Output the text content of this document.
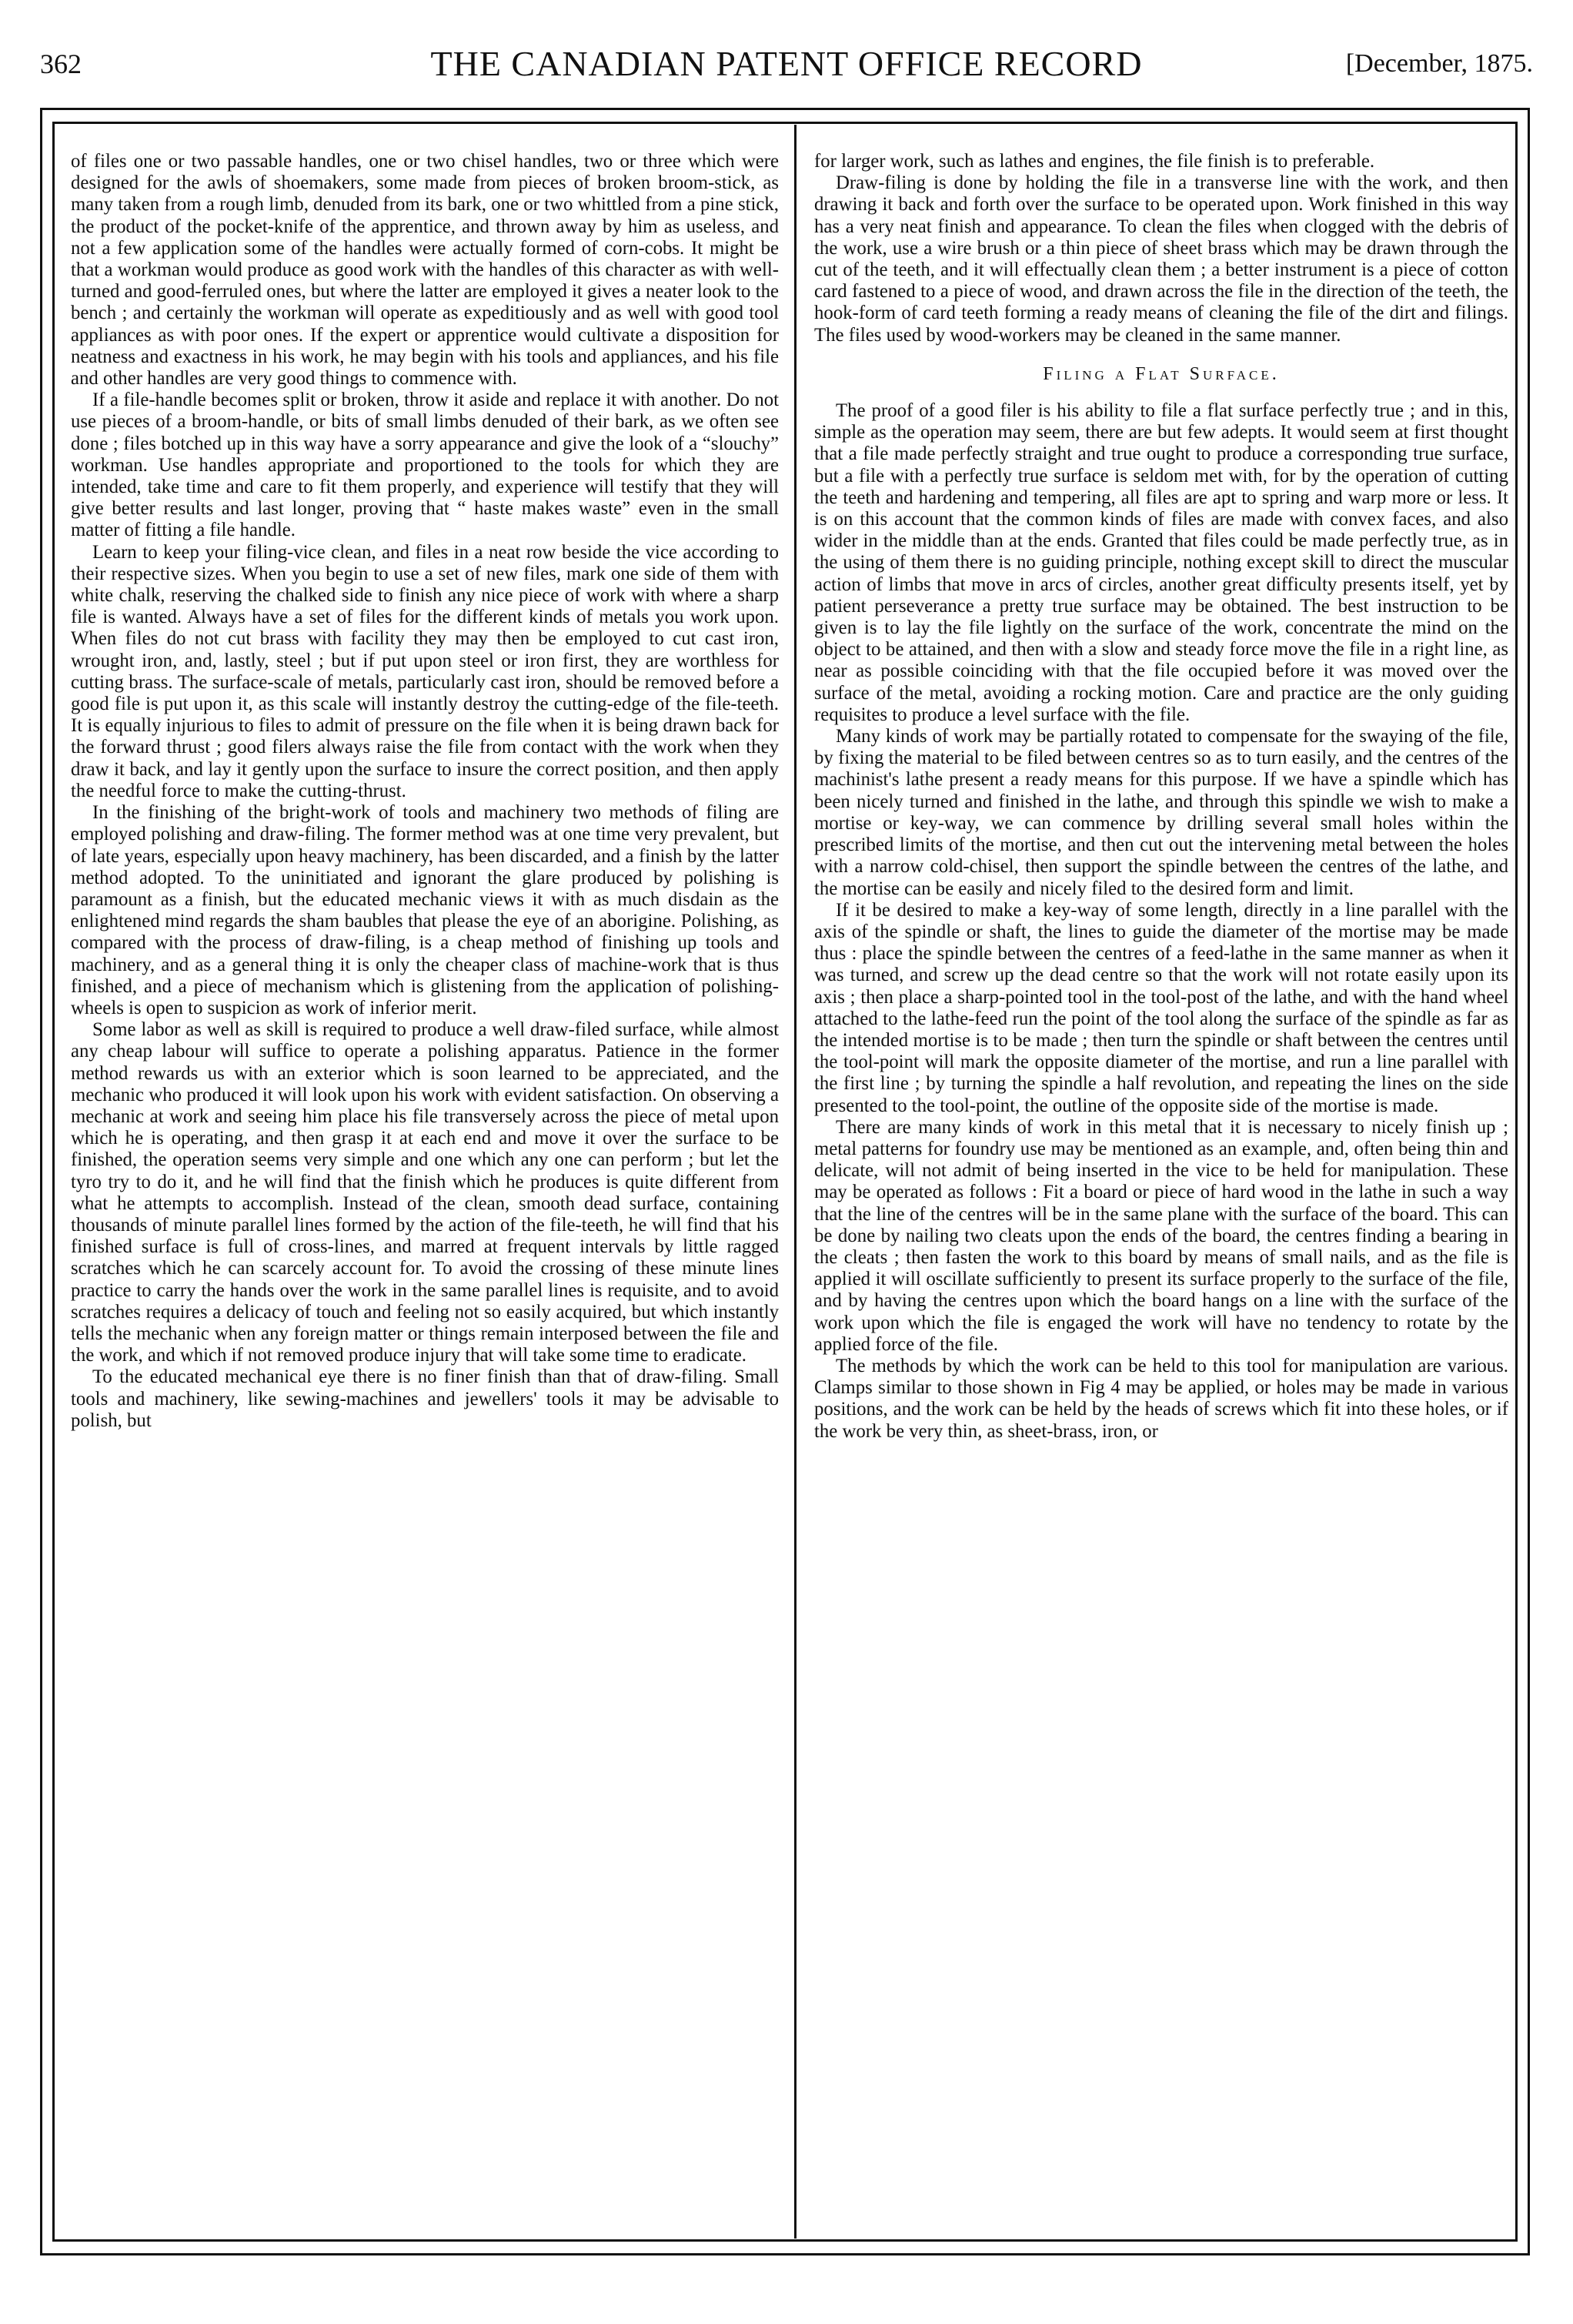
362	THE CANADIAN PATENT OFFICE RECORD	[December, 1875.

of files one or two passable handles, one or two chisel handles, two or three which were designed for the awls of shoemakers, some made from pieces of broken broom-stick, as many taken from a rough limb, denuded from its bark, one or two whittled from a pine stick, the product of the pocket-knife of the apprentice, and thrown away by him as useless, and not a few application some of the handles were actually formed of corn-cobs. It might be that a workman would produce as good work with the handles of this character as with well-turned and good-ferruled ones, but where the latter are employed it gives a neater look to the bench ; and certainly the workman will operate as expeditiously and as well with good tool appliances as with poor ones. If the expert or apprentice would cultivate a disposition for neatness and exactness in his work, he may begin with his tools and appliances, and his file and other handles are very good things to commence with.

If a file-handle becomes split or broken, throw it aside and replace it with another. Do not use pieces of a broom-handle, or bits of small limbs denuded of their bark, as we often see done ; files botched up in this way have a sorry appearance and give the look of a “slouchy” workman. Use handles appropriate and proportioned to the tools for which they are intended, take time and care to fit them properly, and experience will testify that they will give better results and last longer, proving that “ haste makes waste” even in the small matter of fitting a file handle.

Learn to keep your filing-vice clean, and files in a neat row beside the vice according to their respective sizes. When you begin to use a set of new files, mark one side of them with white chalk, reserving the chalked side to finish any nice piece of work with where a sharp file is wanted. Always have a set of files for the different kinds of metals you work upon. When files do not cut brass with facility they may then be employed to cut cast iron, wrought iron, and, lastly, steel ; but if put upon steel or iron first, they are worthless for cutting brass. The surface-scale of metals, particularly cast iron, should be removed before a good file is put upon it, as this scale will instantly destroy the cutting-edge of the file-teeth. It is equally injurious to files to admit of pressure on the file when it is being drawn back for the forward thrust ; good filers always raise the file from contact with the work when they draw it back, and lay it gently upon the surface to insure the correct position, and then apply the needful force to make the cutting-thrust.

In the finishing of the bright-work of tools and machinery two methods of filing are employed polishing and draw-filing. The former method was at one time very prevalent, but of late years, especially upon heavy machinery, has been discarded, and a finish by the latter method adopted. To the uninitiated and ignorant the glare produced by polishing is paramount as a finish, but the educated mechanic views it with as much disdain as the enlightened mind regards the sham baubles that please the eye of an aborigine. Polishing, as compared with the process of draw-filing, is a cheap method of finishing up tools and machinery, and as a general thing it is only the cheaper class of machine-work that is thus finished, and a piece of mechanism which is glistening from the application of polishing-wheels is open to suspicion as work of inferior merit.

Some labor as well as skill is required to produce a well draw-filed surface, while almost any cheap labour will suffice to operate a polishing apparatus. Patience in the former method rewards us with an exterior which is soon learned to be appreciated, and the mechanic who produced it will look upon his work with evident satisfaction. On observing a mechanic at work and seeing him place his file transversely across the piece of metal upon which he is operating, and then grasp it at each end and move it over the surface to be finished, the operation seems very simple and one which any one can perform ; but let the tyro try to do it, and he will find that the finish which he produces is quite different from what he attempts to accomplish. Instead of the clean, smooth dead surface, containing thousands of minute parallel lines formed by the action of the file-teeth, he will find that his finished surface is full of cross-lines, and marred at frequent intervals by little ragged scratches which he can scarcely account for. To avoid the crossing of these minute lines practice to carry the hands over the work in the same parallel lines is requisite, and to avoid scratches requires a delicacy of touch and feeling not so easily acquired, but which instantly tells the mechanic when any foreign matter or things remain interposed between the file and the work, and which if not removed produce injury that will take some time to eradicate.

To the educated mechanical eye there is no finer finish than that of draw-filing. Small tools and machinery, like sewing-machines and jewellers' tools it may be advisable to polish, but

for larger work, such as lathes and engines, the file finish is to preferable.

Draw-filing is done by holding the file in a transverse line with the work, and then drawing it back and forth over the surface to be operated upon. Work finished in this way has a very neat finish and appearance. To clean the files when clogged with the debris of the work, use a wire brush or a thin piece of sheet brass which may be drawn through the cut of the teeth, and it will effectually clean them ; a better instrument is a piece of cotton card fastened to a piece of wood, and drawn across the file in the direction of the teeth, the hook-form of card teeth forming a ready means of cleaning the file of the dirt and filings. The files used by wood-workers may be cleaned in the same manner.

Filing a Flat Surface.

The proof of a good filer is his ability to file a flat surface perfectly true ; and in this, simple as the operation may seem, there are but few adepts. It would seem at first thought that a file made perfectly straight and true ought to produce a corresponding true surface, but a file with a perfectly true surface is seldom met with, for by the operation of cutting the teeth and hardening and tempering, all files are apt to spring and warp more or less. It is on this account that the common kinds of files are made with convex faces, and also wider in the middle than at the ends. Granted that files could be made perfectly true, as in the using of them there is no guiding principle, nothing except skill to direct the muscular action of limbs that move in arcs of circles, another great difficulty presents itself, yet by patient perseverance a pretty true surface may be obtained. The best instruction to be given is to lay the file lightly on the surface of the work, concentrate the mind on the object to be attained, and then with a slow and steady force move the file in a right line, as near as possible coinciding with that the file occupied before it was moved over the surface of the metal, avoiding a rocking motion. Care and practice are the only guiding requisites to produce a level surface with the file.

Many kinds of work may be partially rotated to compensate for the swaying of the file, by fixing the material to be filed between centres so as to turn easily, and the centres of the machinist's lathe present a ready means for this purpose. If we have a spindle which has been nicely turned and finished in the lathe, and through this spindle we wish to make a mortise or key-way, we can commence by drilling several small holes within the prescribed limits of the mortise, and then cut out the intervening metal between the holes with a narrow cold-chisel, then support the spindle between the centres of the lathe, and the mortise can be easily and nicely filed to the desired form and limit.

If it be desired to make a key-way of some length, directly in a line parallel with the axis of the spindle or shaft, the lines to guide the diameter of the mortise may be made thus : place the spindle between the centres of a feed-lathe in the same manner as when it was turned, and screw up the dead centre so that the work will not rotate easily upon its axis ; then place a sharp-pointed tool in the tool-post of the lathe, and with the hand wheel attached to the lathe-feed run the point of the tool along the surface of the spindle as far as the intended mortise is to be made ; then turn the spindle or shaft between the centres until the tool-point will mark the opposite diameter of the mortise, and run a line parallel with the first line ; by turning the spindle a half revolution, and repeating the lines on the side presented to the tool-point, the outline of the opposite side of the mortise is made.

There are many kinds of work in this metal that it is necessary to nicely finish up ; metal patterns for foundry use may be mentioned as an example, and, often being thin and delicate, will not admit of being inserted in the vice to be held for manipulation. These may be operated as follows : Fit a board or piece of hard wood in the lathe in such a way that the line of the centres will be in the same plane with the surface of the board. This can be done by nailing two cleats upon the ends of the board, the centres finding a bearing in the cleats ; then fasten the work to this board by means of small nails, and as the file is applied it will oscillate sufficiently to present its surface properly to the surface of the file, and by having the centres upon which the board hangs on a line with the surface of the work upon which the file is engaged the work will have no tendency to rotate by the applied force of the file.

The methods by which the work can be held to this tool for manipulation are various. Clamps similar to those shown in Fig 4 may be applied, or holes may be made in various positions, and the work can be held by the heads of screws which fit into these holes, or if the work be very thin, as sheet-brass, iron, or
